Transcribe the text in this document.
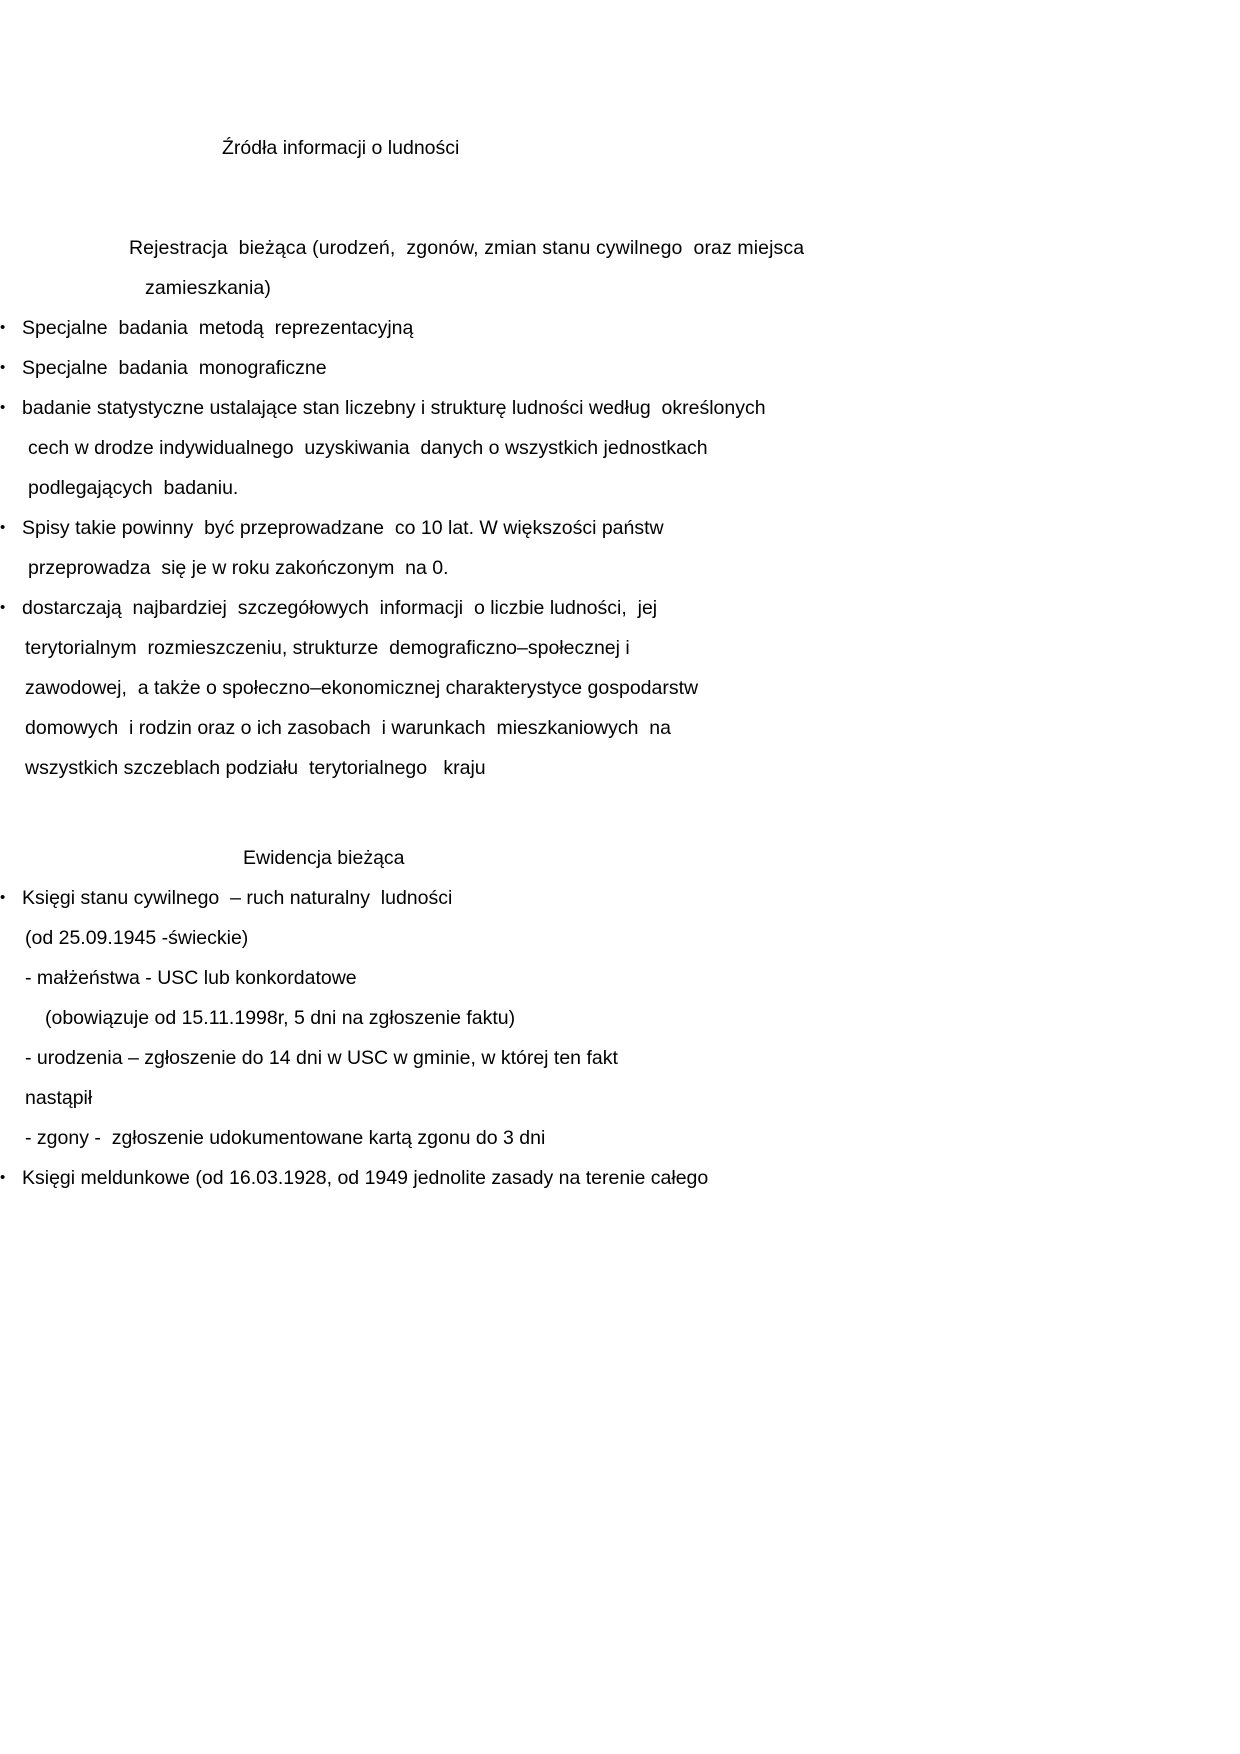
Źródła informacji o ludności
Rejestracja  bieżąca (urodzeń,  zgonów, zmian stanu cywilnego  oraz miejsca
zamieszkania)
• Specjalne  badania  metodą  reprezentacyjną
• Specjalne  badania  monograficzne
• badanie statystyczne ustalające stan liczebny i strukturę ludności według  określonych
cech w drodze indywidualnego  uzyskiwania  danych o wszystkich jednostkach
podlegających  badaniu.
• Spisy takie powinny  być przeprowadzane  co 10 lat. W większości państw
przeprowadza  się je w roku zakończonym  na 0.
• dostarczają  najbardziej  szczegółowych  informacji  o liczbie ludności,  jej
terytorialnym  rozmieszczeniu, strukturze  demograficzno–społecznej i
zawodowej,  a także o społeczno–ekonomicznej charakterystyce gospodarstw
domowych  i rodzin oraz o ich zasobach  i warunkach  mieszkaniowych  na
wszystkich szczeblach podziału  terytorialnego   kraju
Ewidencja bieżąca
• Księgi stanu cywilnego  – ruch naturalny  ludności
(od 25.09.1945 -świeckie)
- małżeństwa - USC lub konkordatowe
(obowiązuje od 15.11.1998r, 5 dni na zgłoszenie faktu)
- urodzenia – zgłoszenie do 14 dni w USC w gminie, w której ten fakt
nastąpił
- zgony -  zgłoszenie udokumentowane kartą zgonu do 3 dni
• Księgi meldunkowe (od 16.03.1928, od 1949 jednolite zasady na terenie całego
